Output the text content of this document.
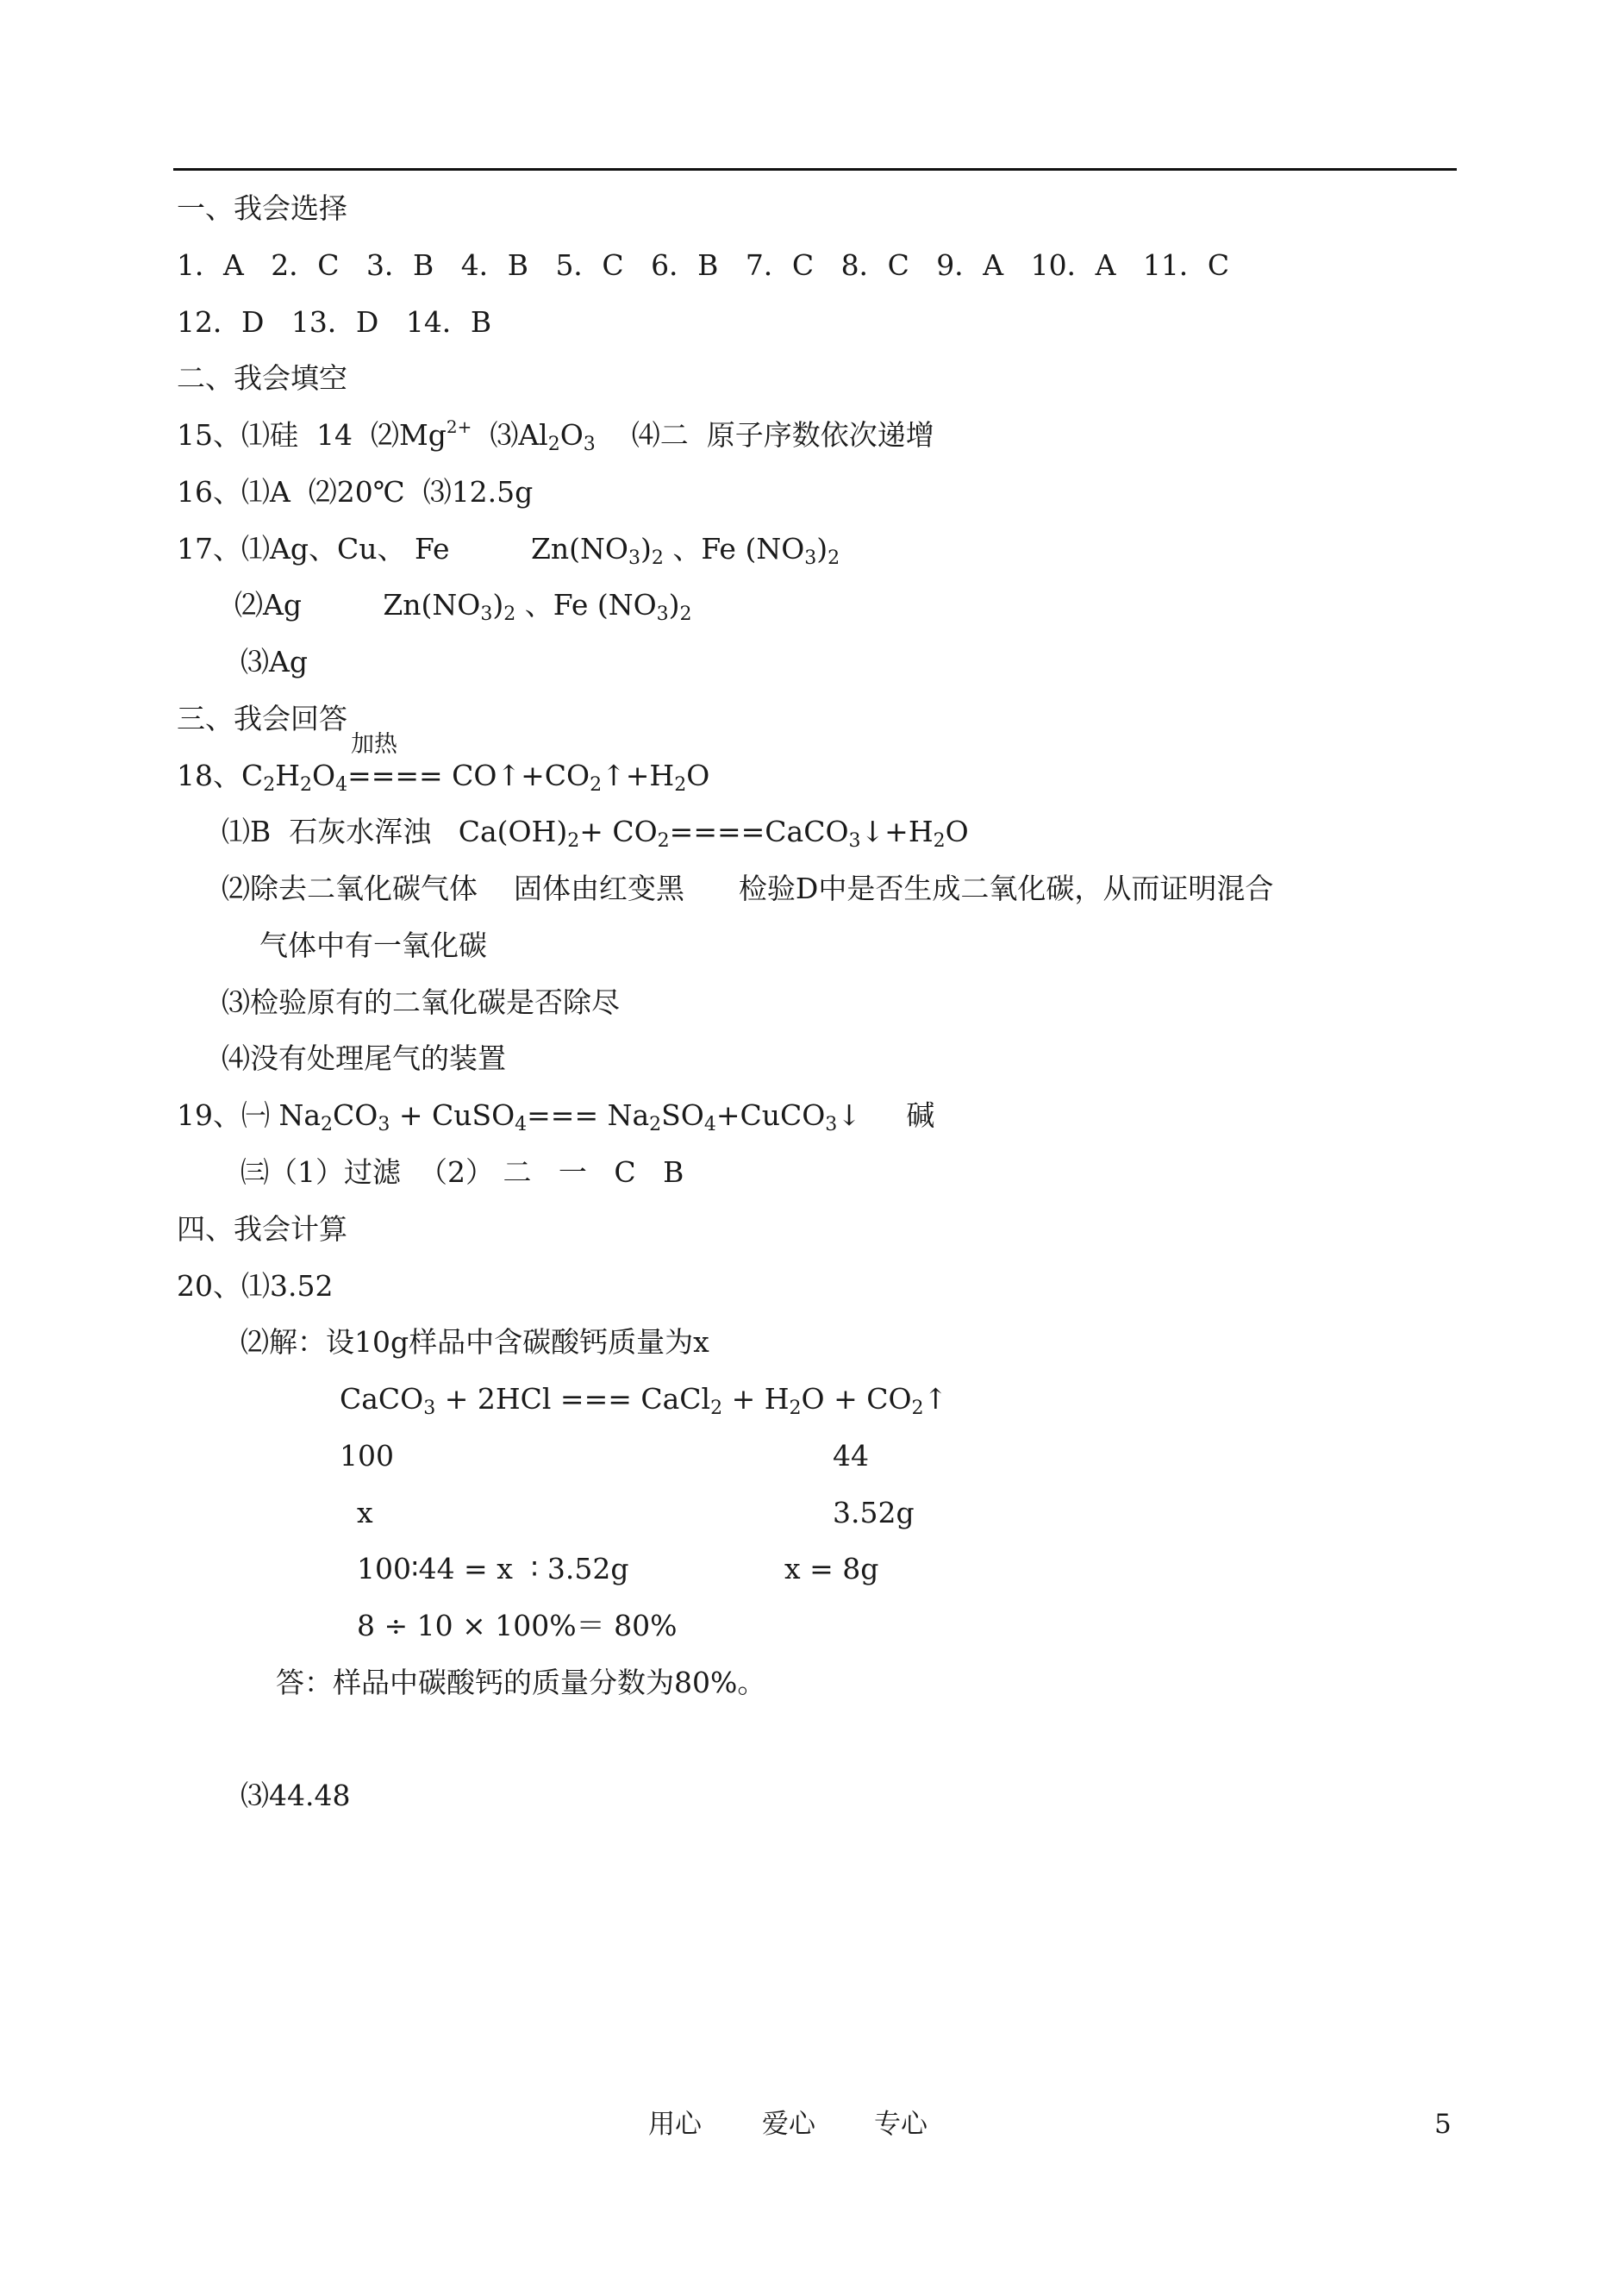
一、我会选择
1．A   2．C   3．B   4．B   5．C   6．B   7．C   8．C   9．A   10．A   11．C
12．D   13．D   14．B
二、我会填空
15、⑴硅  14  $⑵Mg^{2+}$  $⑶Al_2O_3$    ⑷二  原子序数依次递增
16、⑴A  ⑵20℃  ⑶12.5g
17、⑴Ag、Cu、 Fe         $Zn(NO_3)_2$ 、Fe $(NO_3)_2$
⑵Ag         $Zn(NO_3)_2$ 、Fe $(NO_3)_2$
⑶Ag
三、我会回答
加热
18、$C_2H_2O_4====$ $CO↑+CO_2↑+H_2O$
⑴B  石灰水浑浊   $Ca(OH)_2+$ $CO_2====CaCO_3↓+H_2O$
⑵除去二氧化碳气体    固体由红变黑      检验D中是否生成二氧化碳，从而证明混合
气体中有一氧化碳
⑶检验原有的二氧化碳是否除尽
⑷没有处理尾气的装置
19、㈠ $Na_2CO_3$ + CuSO$_4$=== $Na_2SO_4+CuCO_3↓$     碱
㈢（1）过滤  （2） 二   一   C   B
四、我会计算
20、⑴3.52
⑵解：设10g样品中含碳酸钙质量为x
CaCO$_3$ + 2HCl === CaCl$_2$ + $H_2O$ + $CO_2↑$
100	44
x	3.52g
100∶44 = x  ∶ 3.52g	x = 8g
8 ÷ 10 × 100%＝ 80%
答：样品中碳酸钙的质量分数为80%。
⑶44.48
用心 爱心 专心	5
